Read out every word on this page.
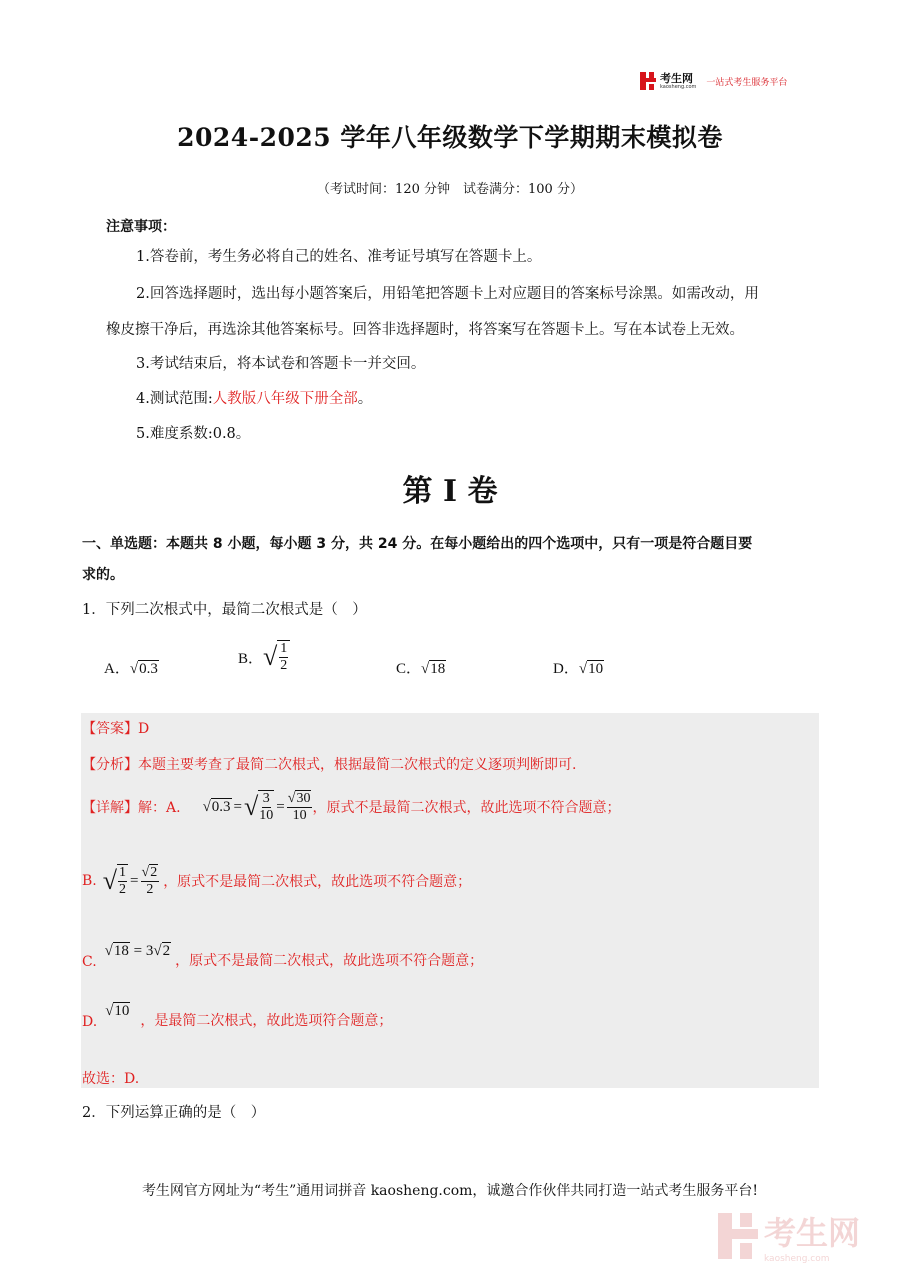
考生网
kaosheng.com 一站式考生服务平台
2024-2025 学年八年级数学下学期期末模拟卷
（考试时间：120 分钟　试卷满分：100 分）
注意事项：
1.答卷前，考生务必将自己的姓名、准考证号填写在答题卡上。
2.回答选择题时，选出每小题答案后，用铅笔把答题卡上对应题目的答案标号涂黑。如需改动，用
橡皮擦干净后，再选涂其他答案标号。回答非选择题时，将答案写在答题卡上。写在本试卷上无效。
3.考试结束后，将本试卷和答题卡一并交回。
4.测试范围:人教版八年级下册全部。
5.难度系数:0.8。
第 I 卷
一、单选题：本题共 8 小题，每小题 3 分，共 24 分。在每小题给出的四个选项中，只有一项是符合题目要
求的。
1．下列二次根式中，最简二次根式是（　）
A．√0.3
B． √ $\frac{1}{2}$	C．√18	D．√10
【答案】D
【分析】本题主要考查了最简二次根式，根据最简二次根式的定义逐项判断即可.
【详解】 解：A. √ 0.3 = √ $\frac{3}{10} = \frac{√30}{10}$ ，原式不是最简二次根式，故此选项不符合题意；
B. √ $\frac{1}{2} = \frac{√2}{2}$ ，原式不是最简二次根式，故此选项不符合题意；
C.
√18 = 3√2
，原式不是最简二次根式，故此选项不符合题意；
D.
√10
，是最简二次根式，故此选项符合题意；
故选：D.
2．下列运算正确的是（　）
考生网官方网址为“考生”通用词拼音 kaosheng.com，诚邀合作伙伴共同打造一站式考生服务平台!
考生网
kaosheng.com
